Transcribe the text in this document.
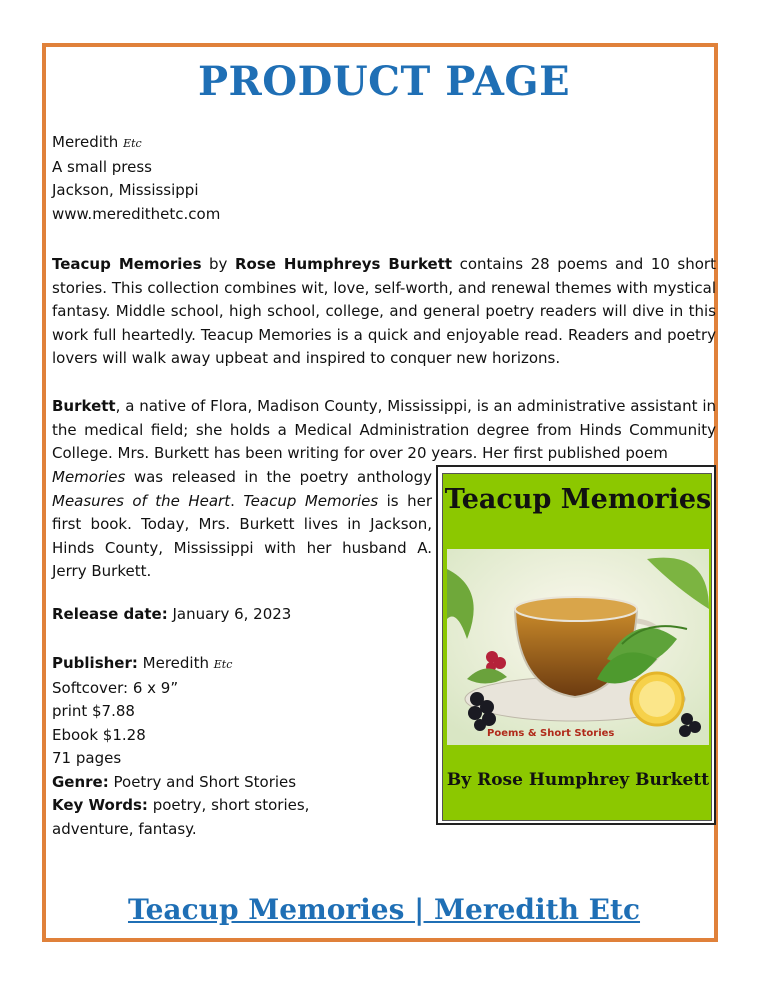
PRODUCT PAGE
Meredith Etc
A small press
Jackson, Mississippi
www.meredithetc.com
Teacup Memories by Rose Humphreys Burkett contains 28 poems and 10 short stories. This collection combines wit, love, self-worth, and renewal themes with mystical fantasy. Middle school, high school, college, and general poetry readers will dive in this work full heartedly. Teacup Memories is a quick and enjoyable read. Readers and poetry lovers will walk away upbeat and inspired to conquer new horizons.
Burkett, a native of Flora, Madison County, Mississippi, is an administrative assistant in the medical field; she holds a Medical Administration degree from Hinds Community College. Mrs. Burkett has been writing for over 20 years. Her first published poem
Memories was released in the poetry anthology Measures of the Heart. Teacup Memories is her first book. Today, Mrs. Burkett lives in Jackson, Hinds County, Mississippi with her husband A. Jerry Burkett.
Release date: January 6, 2023
Publisher: Meredith Etc
Softcover: 6 x 9”
print $7.88
Ebook $1.28
71 pages
Genre: Poetry and Short Stories
Key Words: poetry, short stories, adventure, fantasy.
Teacup Memories
Poems & Short Stories
By Rose Humphrey Burkett
Teacup Memories | Meredith Etc
